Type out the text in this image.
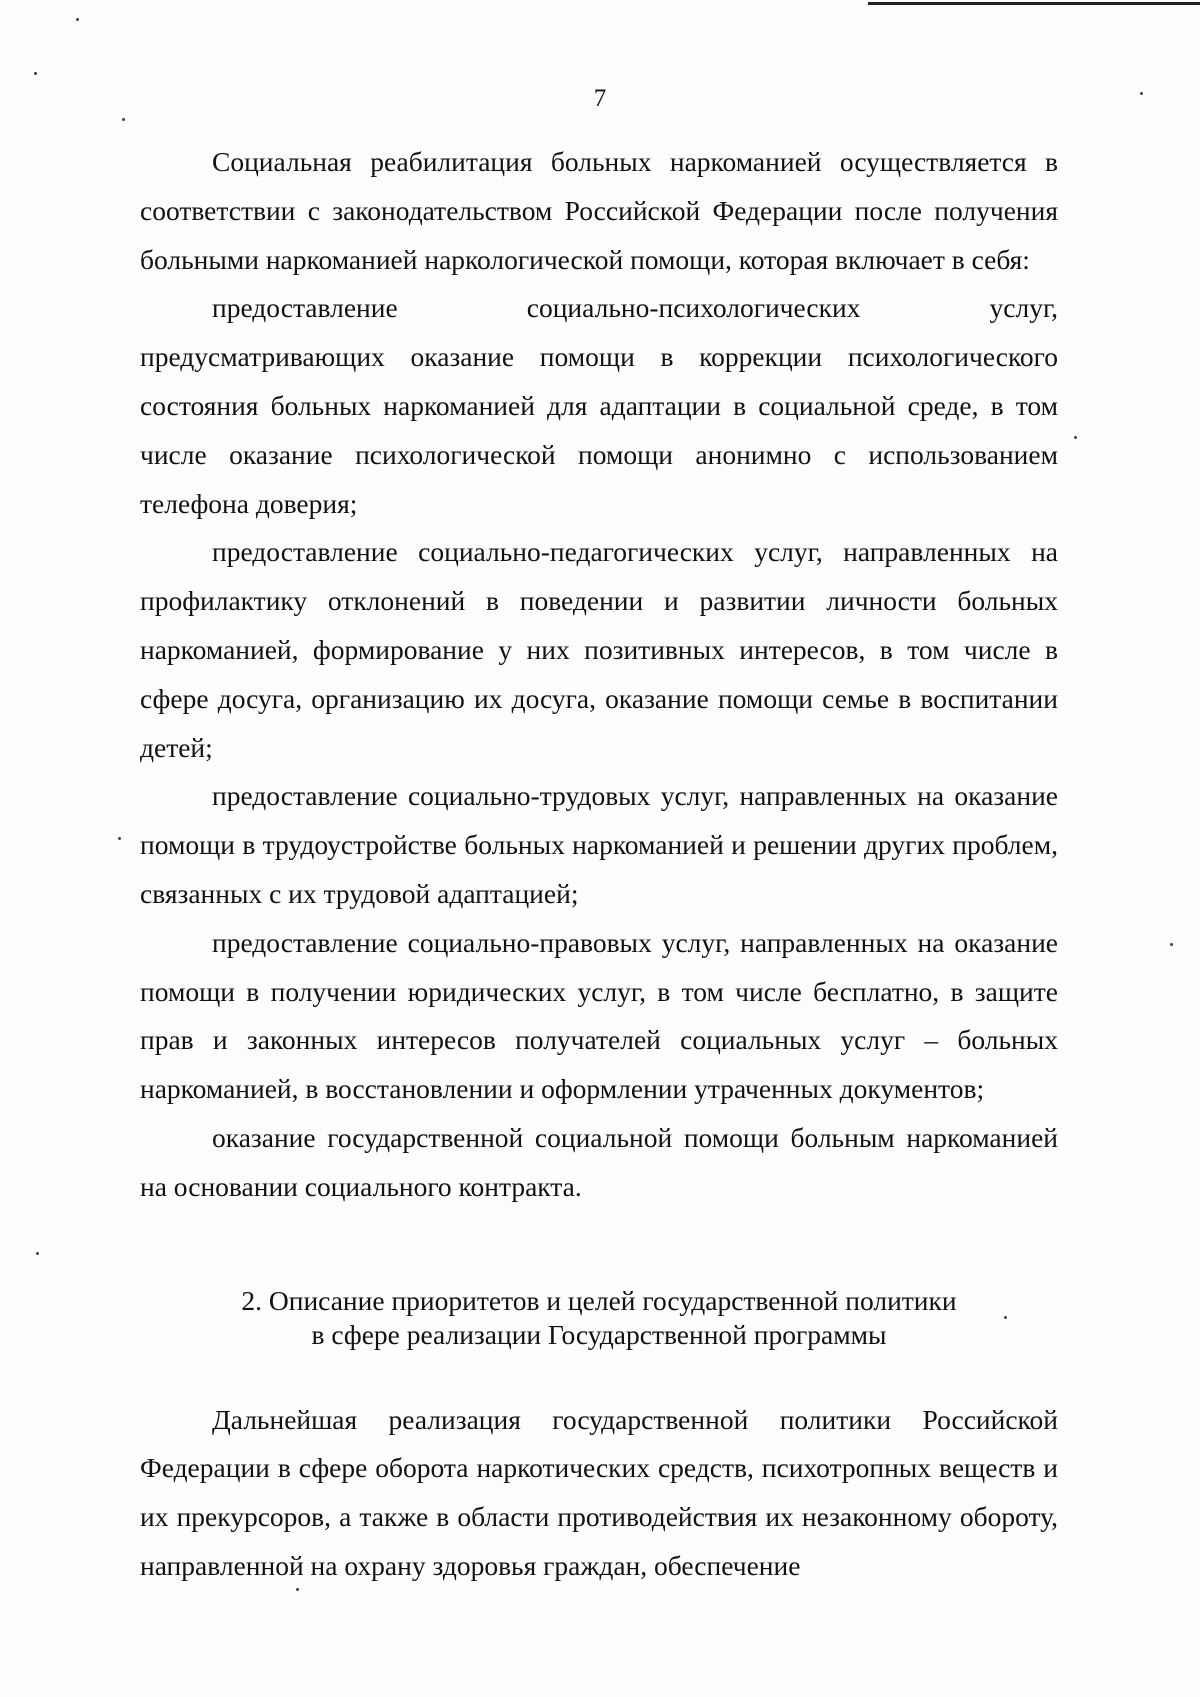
7

Социальная реабилитация больных наркоманией осуществляется в соответствии с законодательством Российской Федерации после получения больными наркоманией наркологической помощи, которая включает в себя:

предоставление социально-психологических услуг, предусматривающих оказание помощи в коррекции психологического состояния больных наркоманией для адаптации в социальной среде, в том числе оказание психологической помощи анонимно с использованием телефона доверия;

предоставление социально-педагогических услуг, направленных на профилактику отклонений в поведении и развитии личности больных наркоманией, формирование у них позитивных интересов, в том числе в сфере досуга, организацию их досуга, оказание помощи семье в воспитании детей;

предоставление социально-трудовых услуг, направленных на оказание помощи в трудоустройстве больных наркоманией и решении других проблем, связанных с их трудовой адаптацией;

предоставление социально-правовых услуг, направленных на оказание помощи в получении юридических услуг, в том числе бесплатно, в защите прав и законных интересов получателей социальных услуг – больных наркоманией, в восстановлении и оформлении утраченных документов;

оказание государственной социальной помощи больным наркоманией на основании социального контракта.

2. Описание приоритетов и целей государственной политики
в сфере реализации Государственной программы

Дальнейшая реализация государственной политики Российской Федерации в сфере оборота наркотических средств, психотропных веществ и их прекурсоров, а также в области противодействия их незаконному обороту, направленной на охрану здоровья граждан, обеспечение
